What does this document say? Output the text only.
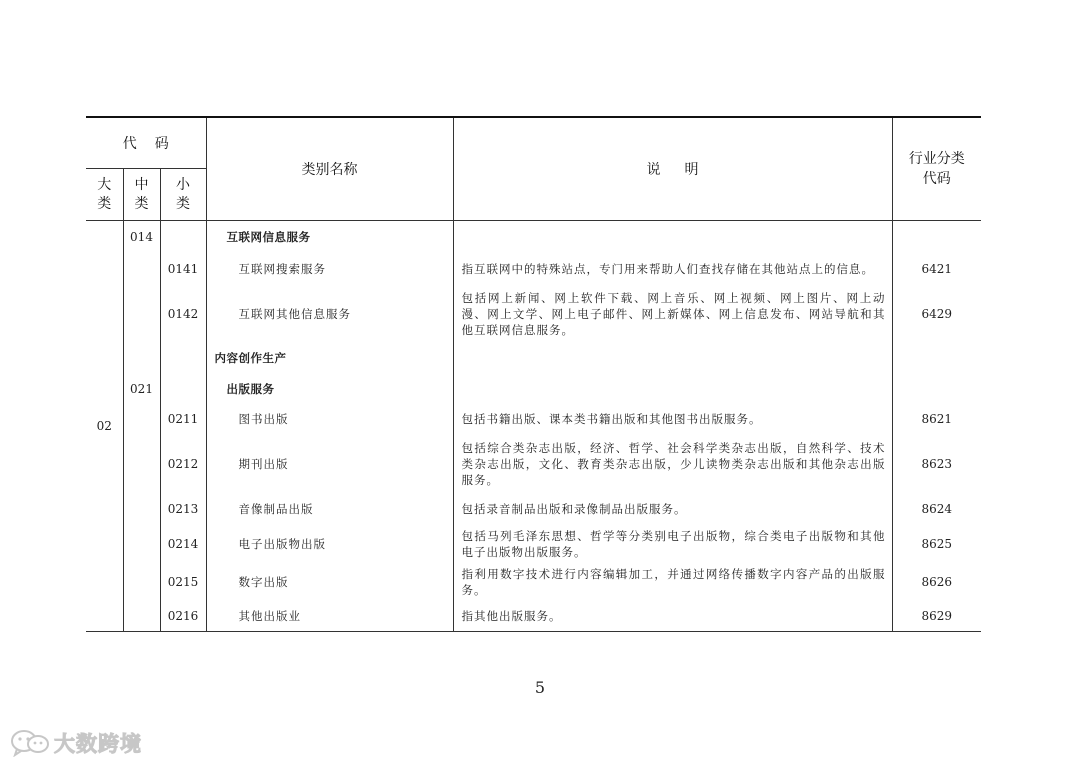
代码			类别名称	说明	行业分类代码
大类	中类	小类			
02	014		互联网信息服务		
		0141	互联网搜索服务	指互联网中的特殊站点，专门用来帮助人们查找存储在其他站点上的信息。	6421
		0142	互联网其他信息服务	包括网上新闻、网上软件下载、网上音乐、网上视频、网上图片、网上动漫、网上文学、网上电子邮件、网上新媒体、网上信息发布、网站导航和其他互联网信息服务。	6429
			内容创作生产		
	021		出版服务		
		0211	图书出版	包括书籍出版、课本类书籍出版和其他图书出版服务。	8621
		0212	期刊出版	包括综合类杂志出版，经济、哲学、社会科学类杂志出版，自然科学、技术类杂志出版，文化、教育类杂志出版，少儿读物类杂志出版和其他杂志出版服务。	8623
		0213	音像制品出版	包括录音制品出版和录像制品出版服务。	8624
		0214	电子出版物出版	包括马列毛泽东思想、哲学等分类别电子出版物，综合类电子出版物和其他电子出版物出版服务。	8625
		0215	数字出版	指利用数字技术进行内容编辑加工，并通过网络传播数字内容产品的出版服务。	8626
		0216	其他出版业	指其他出版服务。	8629
5
大数跨境
